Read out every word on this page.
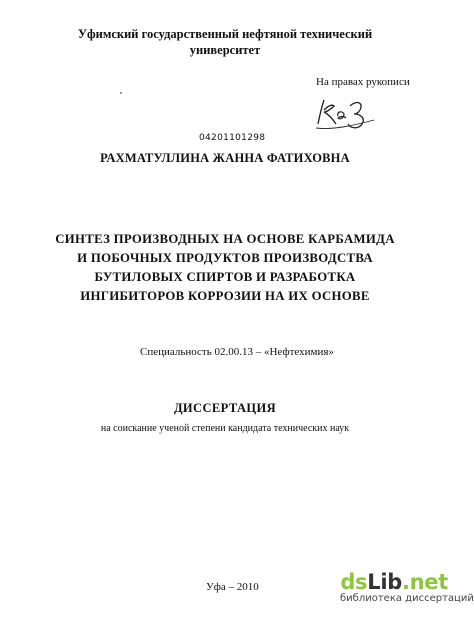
Уфимский государственный нефтяной технический
университет
На правах рукописи
04201101298
РАХМАТУЛЛИНА ЖАННА ФАТИХОВНА
СИНТЕЗ ПРОИЗВОДНЫХ НА ОСНОВЕ КАРБАМИДА
И ПОБОЧНЫХ ПРОДУКТОВ ПРОИЗВОДСТВА
БУТИЛОВЫХ СПИРТОВ И РАЗРАБОТКА
ИНГИБИТОРОВ КОРРОЗИИ НА ИХ ОСНОВЕ
Специальность 02.00.13 – «Нефтехимия»
ДИССЕРТАЦИЯ
на соискание ученой степени кандидата технических наук
Уфа – 2010	dsLib.net
библиотека диссертаций
